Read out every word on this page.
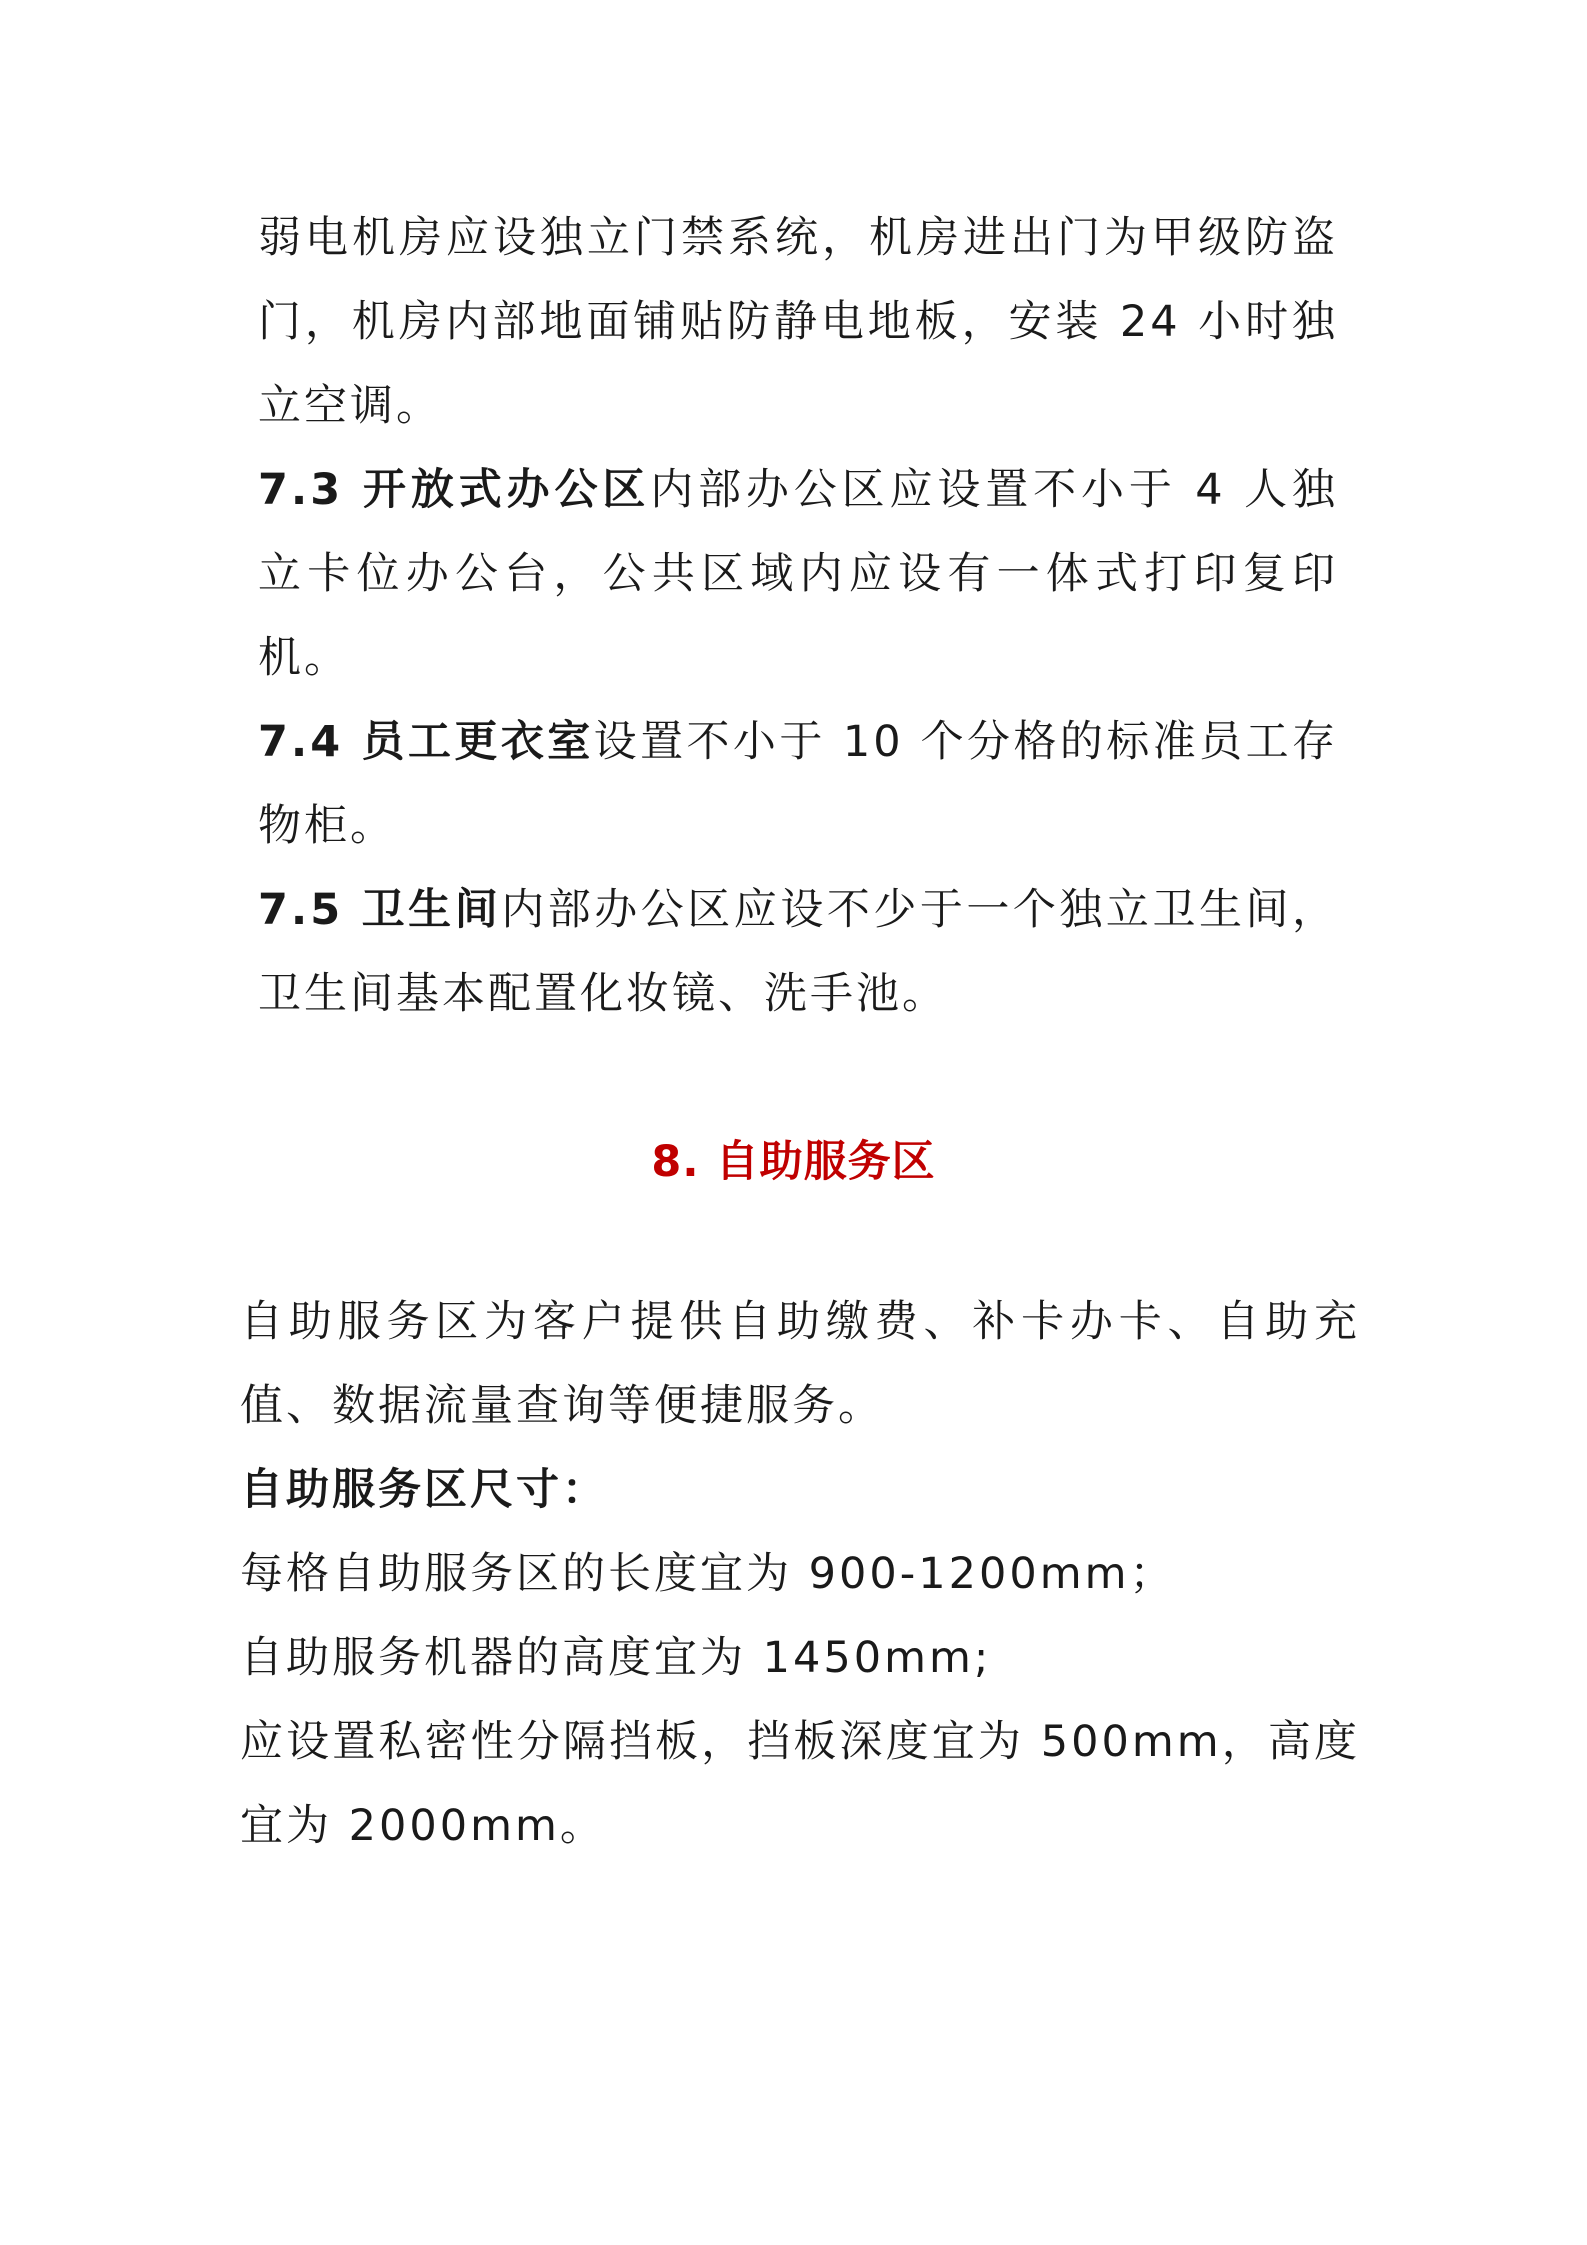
弱电机房应设独立门禁系统，机房进出门为甲级防盗门，机房内部地面铺贴防静电地板，安装 24 小时独立空调。

7.3 开放式办公区内部办公区应设置不小于 4 人独立卡位办公台，公共区域内应设有一体式打印复印机。

7.4 员工更衣室设置不小于 10 个分格的标准员工存物柜。

7.5 卫生间内部办公区应设不少于一个独立卫生间，卫生间基本配置化妆镜、洗手池。

8. 自助服务区

自助服务区为客户提供自助缴费、补卡办卡、自助充值、数据流量查询等便捷服务。

自助服务区尺寸：

每格自助服务区的长度宜为 900-1200mm；

自助服务机器的高度宜为 1450mm;

应设置私密性分隔挡板，挡板深度宜为 500mm，高度宜为 2000mm。
